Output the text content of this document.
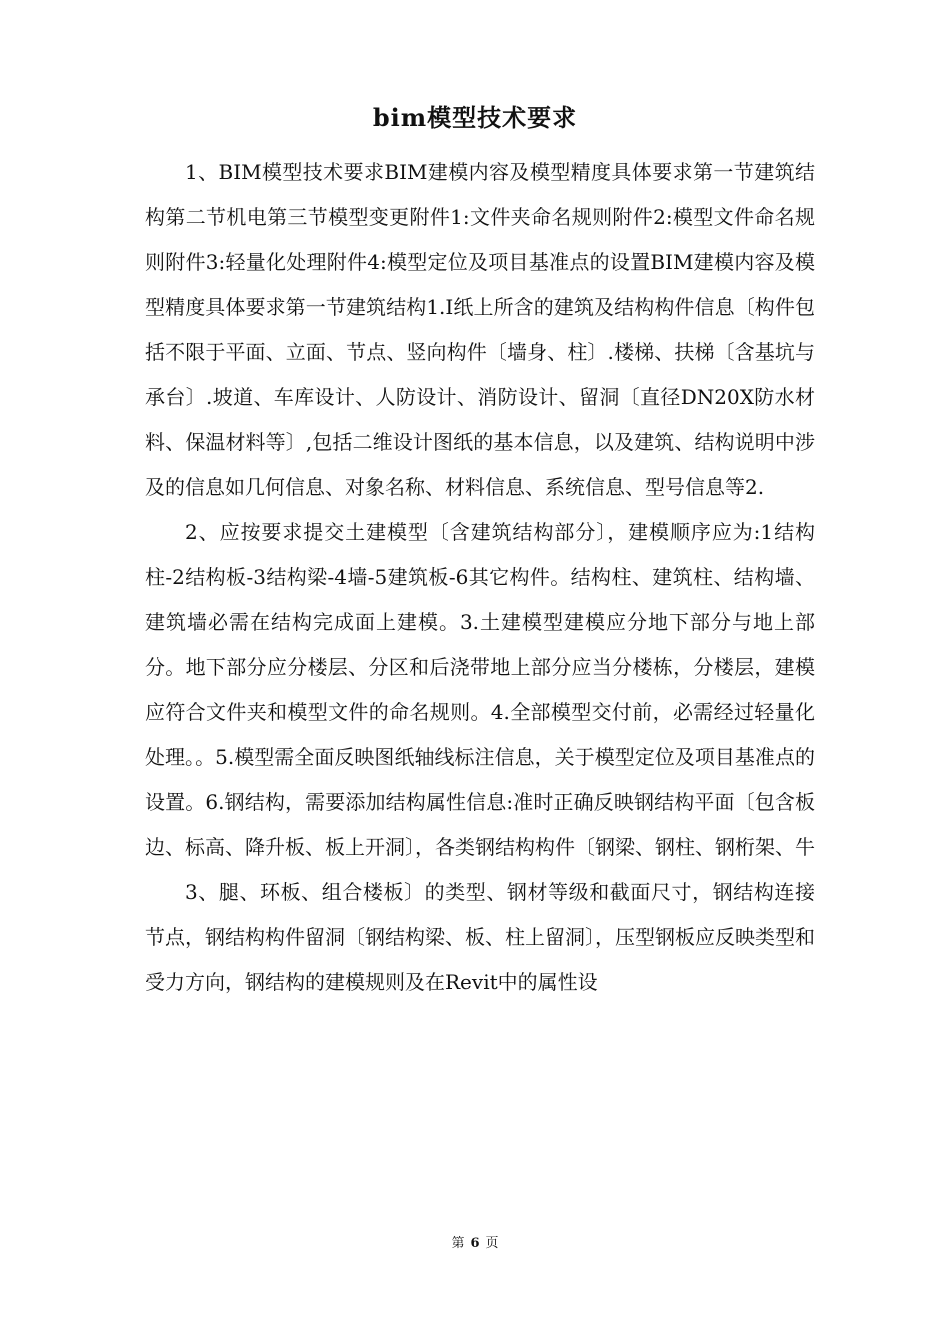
bim模型技术要求

1、BIM模型技术要求BIM建模内容及模型精度具体要求第一节建筑结构第二节机电第三节模型变更附件1:文件夹命名规则附件2:模型文件命名规则附件3:轻量化处理附件4:模型定位及项目基准点的设置BIM建模内容及模型精度具体要求第一节建筑结构1.I纸上所含的建筑及结构构件信息〔构件包括不限于平面、立面、节点、竖向构件〔墙身、柱〕.楼梯、扶梯〔含基坑与承台〕.坡道、车库设计、人防设计、消防设计、留洞〔直径DN20X防水材料、保温材料等〕,包括二维设计图纸的基本信息，以及建筑、结构说明中涉及的信息如几何信息、对象名称、材料信息、系统信息、型号信息等2.

2、应按要求提交土建模型〔含建筑结构部分〕，建模顺序应为:1结构柱-2结构板-3结构梁-4墙-5建筑板-6其它构件。结构柱、建筑柱、结构墙、建筑墙必需在结构完成面上建模。3.土建模型建模应分地下部分与地上部分。地下部分应分楼层、分区和后浇带地上部分应当分楼栋，分楼层，建模应符合文件夹和模型文件的命名规则。4.全部模型交付前，必需经过轻量化处理。。5.模型需全面反映图纸轴线标注信息，关于模型定位及项目基准点的设置。6.钢结构，需要添加结构属性信息:准时正确反映钢结构平面〔包含板边、标高、降升板、板上开洞〕，各类钢结构构件〔钢梁、钢柱、钢桁架、牛

3、腿、环板、组合楼板〕的类型、钢材等级和截面尺寸，钢结构连接节点，钢结构构件留洞〔钢结构梁、板、柱上留洞〕，压型钢板应反映类型和受力方向，钢结构的建模规则及在Revit中的属性设

第 6 页
